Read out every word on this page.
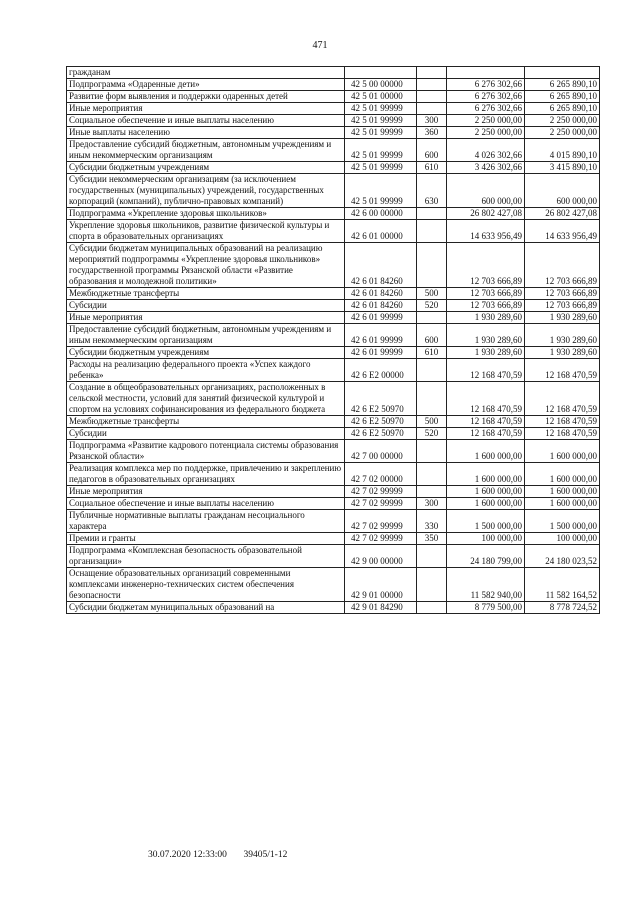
471
гражданам				
Подпрограмма «Одаренные дети»	42 5 00 00000		6 276 302,66	6 265 890,10
Развитие форм выявления и поддержки одаренных детей	42 5 01 00000		6 276 302,66	6 265 890,10
Иные мероприятия	42 5 01 99999		6 276 302,66	6 265 890,10
Социальное обеспечение и иные выплаты населению	42 5 01 99999	300	2 250 000,00	2 250 000,00
Иные выплаты населению	42 5 01 99999	360	2 250 000,00	2 250 000,00
Предоставление субсидий бюджетным, автономным учреждениям и иным некоммерческим организациям	42 5 01 99999	600	4 026 302,66	4 015 890,10
Субсидии бюджетным учреждениям	42 5 01 99999	610	3 426 302,66	3 415 890,10
Субсидии некоммерческим организациям (за исключением государственных (муниципальных) учреждений, государственных корпораций (компаний), публично-правовых компаний)	42 5 01 99999	630	600 000,00	600 000,00
Подпрограмма «Укрепление здоровья школьников»	42 6 00 00000		26 802 427,08	26 802 427,08
Укрепление здоровья школьников, развитие физической культуры и спорта в образовательных организациях	42 6 01 00000		14 633 956,49	14 633 956,49
Субсидии бюджетам муниципальных образований на реализацию мероприятий подпрограммы «Укрепление здоровья школьников» государственной программы Рязанской области «Развитие образования и молодежной политики»	42 6 01 84260		12 703 666,89	12 703 666,89
Межбюджетные трансферты	42 6 01 84260	500	12 703 666,89	12 703 666,89
Субсидии	42 6 01 84260	520	12 703 666,89	12 703 666,89
Иные мероприятия	42 6 01 99999		1 930 289,60	1 930 289,60
Предоставление субсидий бюджетным, автономным учреждениям и иным некоммерческим организациям	42 6 01 99999	600	1 930 289,60	1 930 289,60
Субсидии бюджетным учреждениям	42 6 01 99999	610	1 930 289,60	1 930 289,60
Расходы на реализацию федерального проекта «Успех каждого ребенка»	42 6 E2 00000		12 168 470,59	12 168 470,59
Создание в общеобразовательных организациях, расположенных в сельской местности, условий для занятий физической культурой и спортом на условиях софинансирования из федерального бюджета	42 6 E2 50970		12 168 470,59	12 168 470,59
Межбюджетные трансферты	42 6 E2 50970	500	12 168 470,59	12 168 470,59
Субсидии	42 6 E2 50970	520	12 168 470,59	12 168 470,59
Подпрограмма «Развитие кадрового потенциала системы образования Рязанской области»	42 7 00 00000		1 600 000,00	1 600 000,00
Реализация комплекса мер по поддержке, привлечению и закреплению педагогов в образовательных организациях	42 7 02 00000		1 600 000,00	1 600 000,00
Иные мероприятия	42 7 02 99999		1 600 000,00	1 600 000,00
Социальное обеспечение и иные выплаты населению	42 7 02 99999	300	1 600 000,00	1 600 000,00
Публичные нормативные выплаты гражданам несоциального характера	42 7 02 99999	330	1 500 000,00	1 500 000,00
Премии и гранты	42 7 02 99999	350	100 000,00	100 000,00
Подпрограмма «Комплексная безопасность образовательной организации»	42 9 00 00000		24 180 799,00	24 180 023,52
Оснащение образовательных организаций современными комплексами инженерно-технических систем обеспечения безопасности	42 9 01 00000		11 582 940,00	11 582 164,52
Субсидии бюджетам муниципальных образований на	42 9 01 84290		8 779 500,00	8 778 724,52
30.07.2020 12:33:00 39405/1-12
